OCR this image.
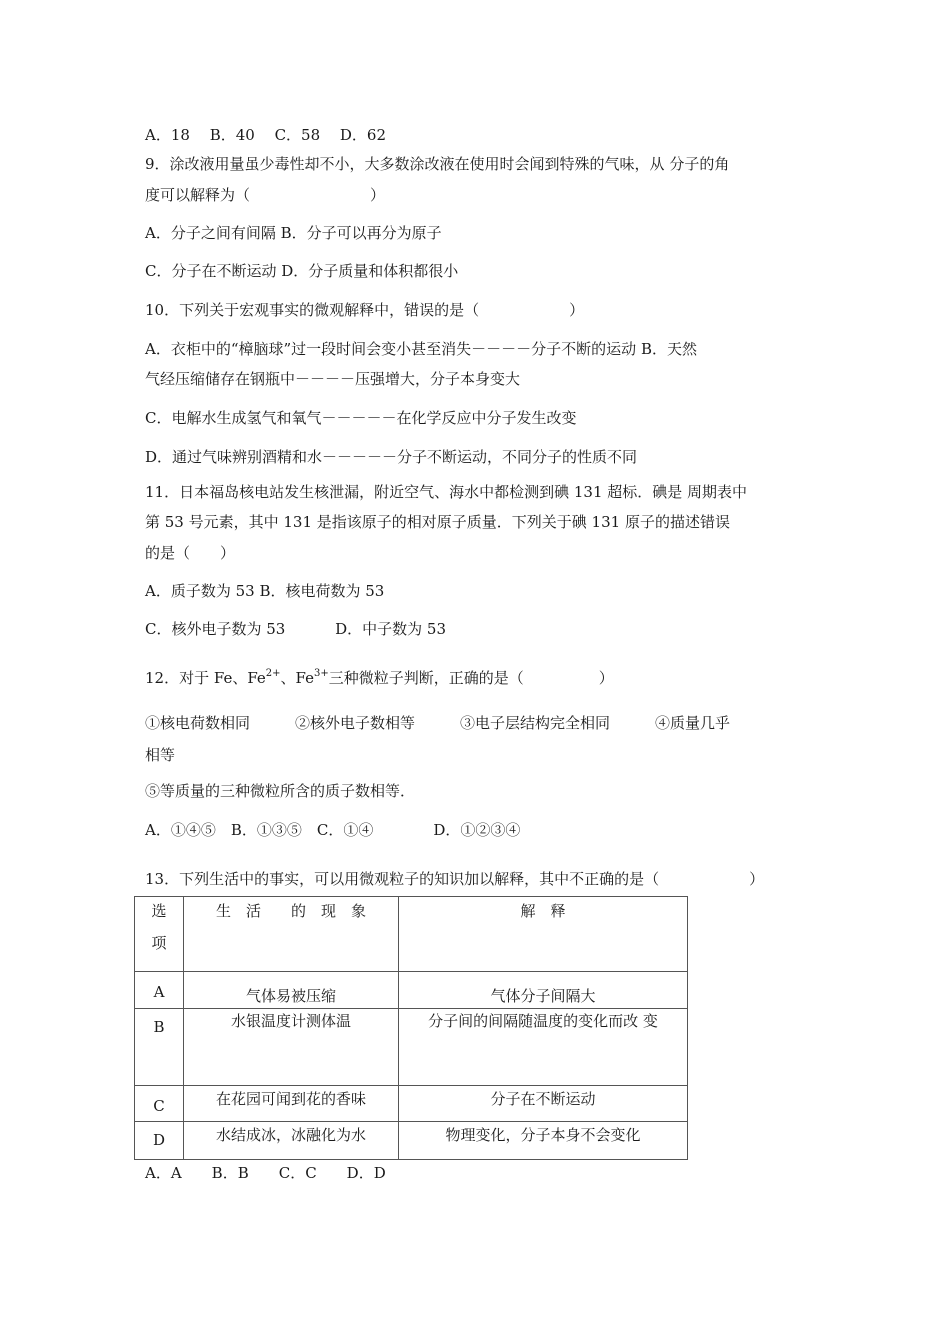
A．18　 B．40　 C．58　 D．62
9．涂改液用量虽少毒性却不小，大多数涂改液在使用时会闻到特殊的气味，从 分子的角
度可以解释为（　　　　　　　　）
A．分子之间有间隔 B．分子可以再分为原子
C．分子在不断运动 D．分子质量和体积都很小
10．下列关于宏观事实的微观解释中，错误的是（　　　　　　）
A．衣柜中的“樟脑球”过一段时间会变小甚至消失－－－－分子不断的运动 B．天然
气经压缩储存在钢瓶中－－－－压强增大，分子本身变大
C．电解水生成氢气和氧气－－－－－在化学反应中分子发生改变
D．通过气味辨别酒精和水－－－－－分子不断运动，不同分子的性质不同
11．日本福岛核电站发生核泄漏，附近空气、海水中都检测到碘 131 超标．碘是 周期表中
第 53 号元素，其中 131 是指该原子的相对原子质量．下列关于碘 131 原子的描述错误
的是（　　）
A．质子数为 53 B．核电荷数为 53
C．核外电子数为 53　　　 D．中子数为 53
12．对于 Fe、$Fe^{2+}$、$Fe^{3+}$三种微粒子判断，正确的是（　　　　　）
①核电荷数相同　　　②核外电子数相等　　　③电子层结构完全相同　　　④质量几乎
相等
⑤等质量的三种微粒所含的质子数相等．
A．①④⑤　B．①③⑤　C．①④　　　　D．①②③④
13．下列生活中的事实，可以用微观粒子的知识加以解释，其中不正确的是（　　　　　　）
选
项	生　活　　的　现　象	解　释
A	气体易被压缩	气体分子间隔大
B	水银温度计测体温	分子间的间隔随温度的变化而改 变
C	在花园可闻到花的香味	分子在不断运动
D	水结成冰，冰融化为水	物理变化，分子本身不会变化
A．A　　B．B　　C．C　　D．D
